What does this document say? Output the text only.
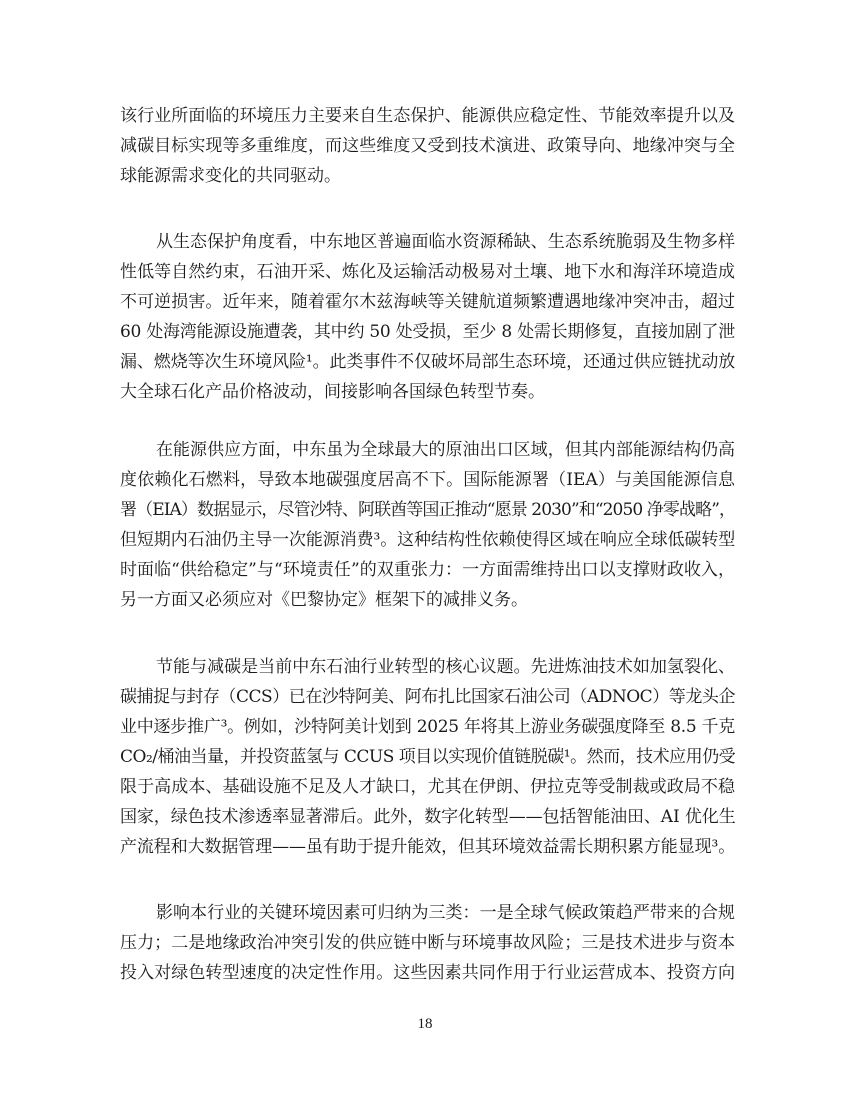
该行业所面临的环境压力主要来自生态保护、能源供应稳定性、节能效率提升以及
减碳目标实现等多重维度，而这些维度又受到技术演进、政策导向、地缘冲突与全
球能源需求变化的共同驱动。
从生态保护角度看，中东地区普遍面临水资源稀缺、生态系统脆弱及生物多样
性低等自然约束，石油开采、炼化及运输活动极易对土壤、地下水和海洋环境造成
不可逆损害。近年来，随着霍尔木兹海峡等关键航道频繁遭遇地缘冲突冲击，超过
60 处海湾能源设施遭袭，其中约 50 处受损，至少 8 处需长期修复，直接加剧了泄
漏、燃烧等次生环境风险¹。此类事件不仅破坏局部生态环境，还通过供应链扰动放
大全球石化产品价格波动，间接影响各国绿色转型节奏。
在能源供应方面，中东虽为全球最大的原油出口区域，但其内部能源结构仍高
度依赖化石燃料，导致本地碳强度居高不下。国际能源署（IEA）与美国能源信息
署（EIA）数据显示，尽管沙特、阿联酋等国正推动“愿景 2030”和“2050 净零战略”，
但短期内石油仍主导一次能源消费³。这种结构性依赖使得区域在响应全球低碳转型
时面临“供给稳定”与“环境责任”的双重张力：一方面需维持出口以支撑财政收入，
另一方面又必须应对《巴黎协定》框架下的减排义务。
节能与减碳是当前中东石油行业转型的核心议题。先进炼油技术如加氢裂化、
碳捕捉与封存（CCS）已在沙特阿美、阿布扎比国家石油公司（ADNOC）等龙头企
业中逐步推广³。例如，沙特阿美计划到 2025 年将其上游业务碳强度降至 8.5 千克
CO₂/桶油当量，并投资蓝氢与 CCUS 项目以实现价值链脱碳¹。然而，技术应用仍受
限于高成本、基础设施不足及人才缺口，尤其在伊朗、伊拉克等受制裁或政局不稳
国家，绿色技术渗透率显著滞后。此外，数字化转型——包括智能油田、AI 优化生
产流程和大数据管理——虽有助于提升能效，但其环境效益需长期积累方能显现³。
影响本行业的关键环境因素可归纳为三类：一是全球气候政策趋严带来的合规
压力；二是地缘政治冲突引发的供应链中断与环境事故风险；三是技术进步与资本
投入对绿色转型速度的决定性作用。这些因素共同作用于行业运营成本、投资方向
18
